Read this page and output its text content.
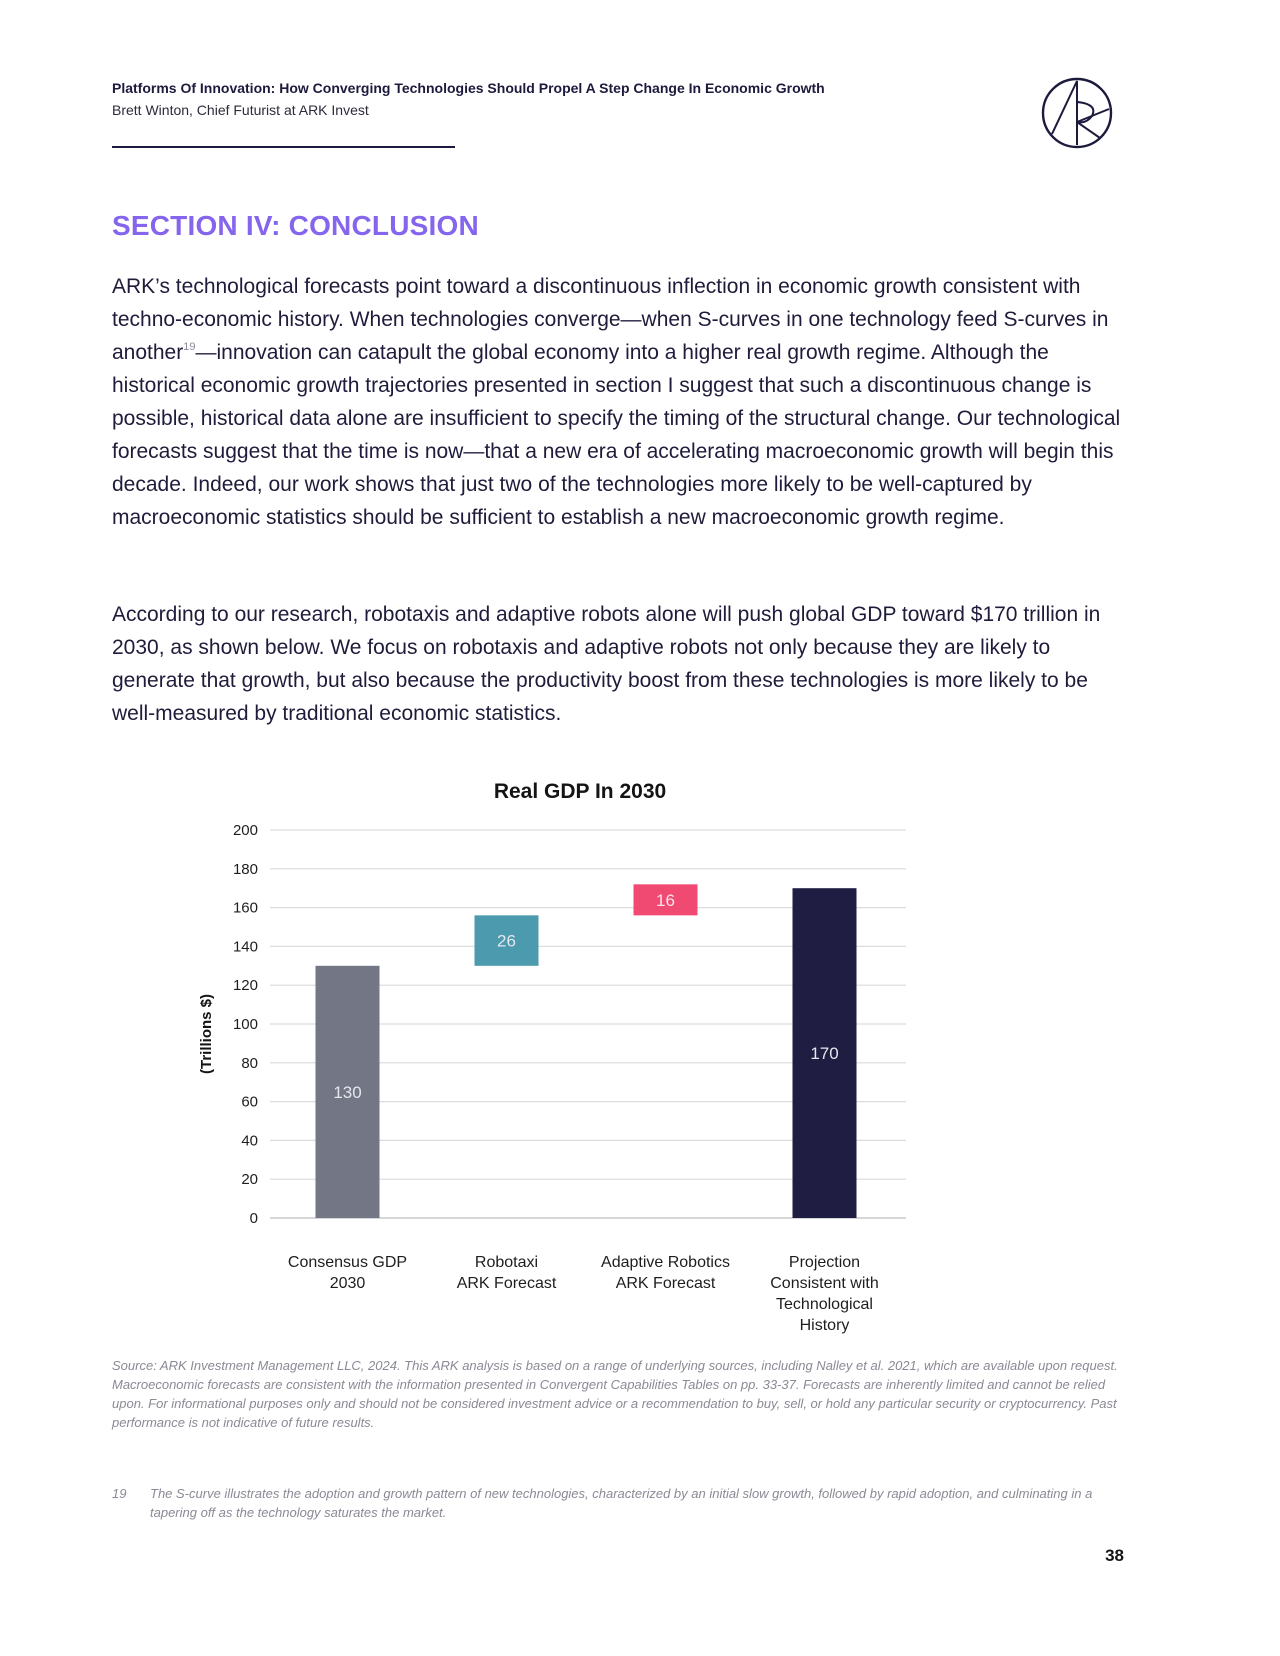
Platforms Of Innovation: How Converging Technologies Should Propel A Step Change In Economic Growth
Brett Winton, Chief Futurist at ARK Invest
SECTION IV: CONCLUSION

ARK’s technological forecasts point toward a discontinuous inflection in economic growth consistent with techno-economic history. When technologies converge—when S-curves in one technology feed S-curves in another$^{19}$—innovation can catapult the global economy into a higher real growth regime. Although the historical economic growth trajectories presented in section I suggest that such a discontinuous change is possible, historical data alone are insufficient to specify the timing of the structural change. Our technological forecasts suggest that the time is now—that a new era of accelerating macroeconomic growth will begin this decade. Indeed, our work shows that just two of the technologies more likely to be well-captured by macroeconomic statistics should be sufficient to establish a new macroeconomic growth regime.

According to our research, robotaxis and adaptive robots alone will push global GDP toward $170 trillion in 2030, as shown below. We focus on robotaxis and adaptive robots not only because they are likely to generate that growth, but also because the productivity boost from these technologies is more likely to be well-measured by traditional economic statistics.

0
20
40
60
80
100
120
140
160
180
200
130
26
16
170
Real GDP In 2030
(Trillions $)
Consensus GDP
2030
Robotaxi
ARK Forecast
Adaptive Robotics
ARK Forecast
Projection
Consistent with
Technological
History

Source: ARK Investment Management LLC, 2024. This ARK analysis is based on a range of underlying sources, including Nalley et al. 2021, which are available upon request. Macroeconomic forecasts are consistent with the information presented in Convergent Capabilities Tables on pp. 33-37. Forecasts are inherently limited and cannot be relied upon. For informational purposes only and should not be considered investment advice or a recommendation to buy, sell, or hold any particular security or cryptocurrency. Past performance is not indicative of future results.

19 The S-curve illustrates the adoption and growth pattern of new technologies, characterized by an initial slow growth, followed by rapid adoption, and culminating in a tapering off as the technology saturates the market.
38
